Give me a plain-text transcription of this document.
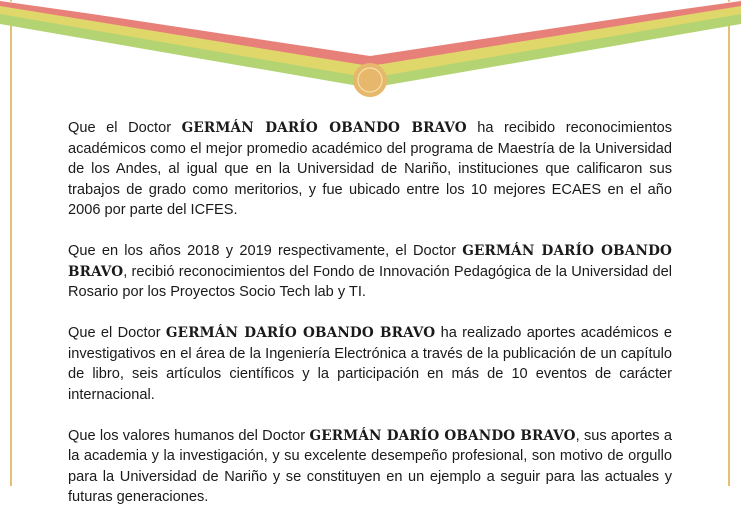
Que el Doctor GERMÁN DARÍO OBANDO BRAVO ha recibido reconocimientos académicos como el mejor promedio académico del programa de Maestría de la Universidad de los Andes, al igual que en la Universidad de Nariño, instituciones que calificaron sus trabajos de grado como meritorios, y fue ubicado entre los 10 mejores ECAES en el año 2006 por parte del ICFES.

Que en los años 2018 y 2019 respectivamente, el Doctor GERMÁN DARÍO OBANDO BRAVO, recibió reconocimientos del Fondo de Innovación Pedagógica de la Universidad del Rosario por los Proyectos Socio Tech lab y TI.

Que el Doctor GERMÁN DARÍO OBANDO BRAVO ha realizado aportes académicos e investigativos en el área de la Ingeniería Electrónica a través de la publicación de un capítulo de libro, seis artículos científicos y la participación en más de 10 eventos de carácter internacional.

Que los valores humanos del Doctor GERMÁN DARÍO OBANDO BRAVO, sus aportes a la academia y la investigación, y su excelente desempeño profesional, son motivo de orgullo para la Universidad de Nariño y se constituyen en un ejemplo a seguir para las actuales y futuras generaciones.
